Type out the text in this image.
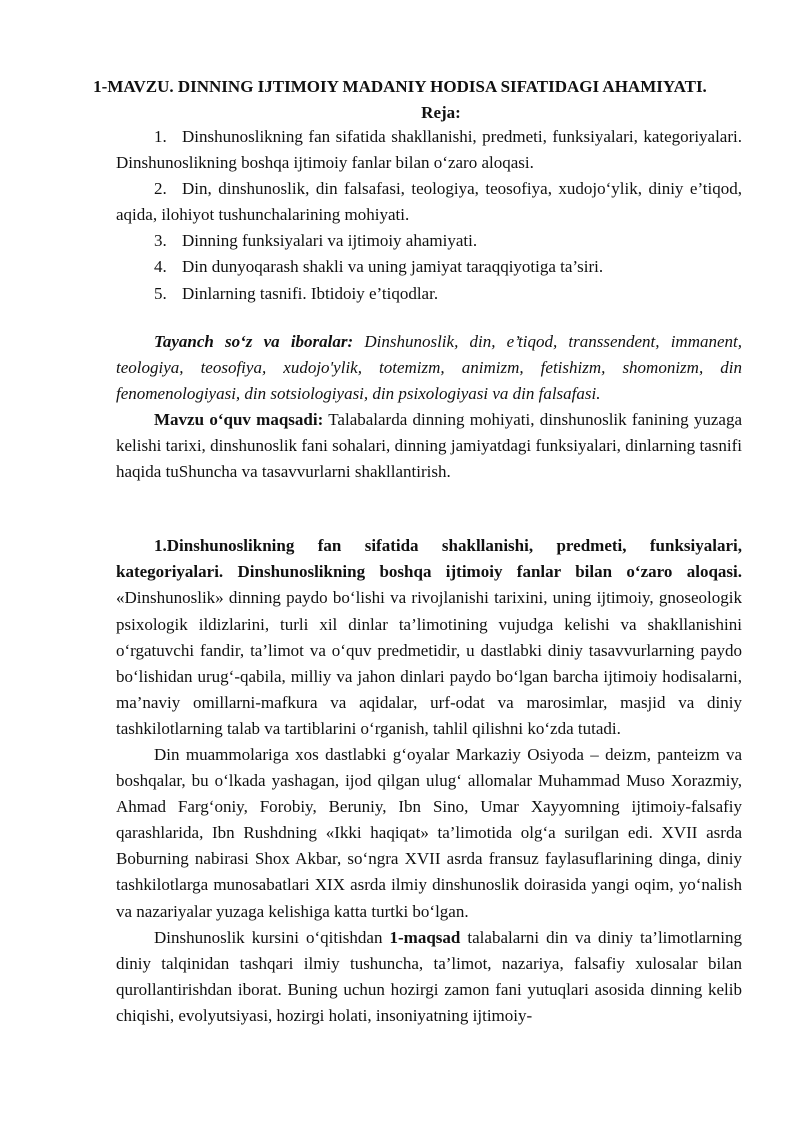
1-MAVZU. DINNING IJTIMOIY MADANIY HODISA SIFATIDAGI AHAMIYATI.

Reja:

1. Dinshunoslikning fan sifatida shakllanishi, predmeti, funksiyalari, kategoriyalari. Dinshunoslikning boshqa ijtimoiy fanlar bilan o‘zaro aloqasi.

2. Din, dinshunoslik, din falsafasi, teologiya, teosofiya, xudojo‘ylik, diniy e’tiqod, aqida, ilohiyot tushunchalarining mohiyati.

3. Dinning funksiyalari va ijtimoiy ahamiyati.

4. Din dunyoqarash shakli va uning jamiyat taraqqiyotiga ta’siri.

5. Dinlarning tasnifi. Ibtidoiy e’tiqodlar.

Tayanch so‘z va iboralar: Dinshunoslik, din, e’tiqod, transsendent, immanent, teologiya, teosofiya, xudojo'ylik, totemizm, animizm, fetishizm, shomonizm, din fenomenologiyasi, din sotsiologiyasi, din psixologiyasi va din falsafasi.

Mavzu o‘quv maqsadi: Talabalarda dinning mohiyati, dinshunoslik fanining yuzaga kelishi tarixi, dinshunoslik fani sohalari, dinning jamiyatdagi funksiyalari, dinlarning tasnifi haqida tuShuncha va tasavvurlarni shakllantirish.

1.Dinshunoslikning fan sifatida shakllanishi, predmeti, funksiyalari, kategoriyalari. Dinshunoslikning boshqa ijtimoiy fanlar bilan o‘zaro aloqasi. «Dinshunoslik» dinning paydo bo‘lishi va rivojlanishi tarixini, uning ijtimoiy, gnoseologik psixologik ildizlarini, turli xil dinlar ta’limotining vujudga kelishi va shakllanishini o‘rgatuvchi fandir, ta’limot va o‘quv predmetidir, u dastlabki diniy tasavvurlarning paydo bo‘lishidan urug‘-qabila, milliy va jahon dinlari paydo bo‘lgan barcha ijtimoiy hodisalarni, ma’naviy omillarni-mafkura va aqidalar, urf-odat va marosimlar, masjid va diniy tashkilotlarning talab va tartiblarini o‘rganish, tahlil qilishni ko‘zda tutadi.

Din muammolariga xos dastlabki g‘oyalar Markaziy Osiyoda – deizm, panteizm va boshqalar, bu o‘lkada yashagan, ijod qilgan ulug‘ allomalar Muhammad Muso Xorazmiy, Ahmad Farg‘oniy, Forobiy, Beruniy, Ibn Sino, Umar Xayyomning ijtimoiy-falsafiy qarashlarida, Ibn Rushdning «Ikki haqiqat» ta’limotida olg‘a surilgan edi. XVII asrda Boburning nabirasi Shox Akbar, so‘ngra XVII asrda fransuz faylasuflarining dinga, diniy tashkilotlarga munosabatlari XIX asrda ilmiy dinshunoslik doirasida yangi oqim, yo‘nalish va nazariyalar yuzaga kelishiga katta turtki bo‘lgan.

Dinshunoslik kursini o‘qitishdan 1-maqsad talabalarni din va diniy ta’limotlarning diniy talqinidan tashqari ilmiy tushuncha, ta’limot, nazariya, falsafiy xulosalar bilan qurollantirishdan iborat. Buning uchun hozirgi zamon fani yutuqlari asosida dinning kelib chiqishi, evolyutsiyasi, hozirgi holati, insoniyatning ijtimoiy-
